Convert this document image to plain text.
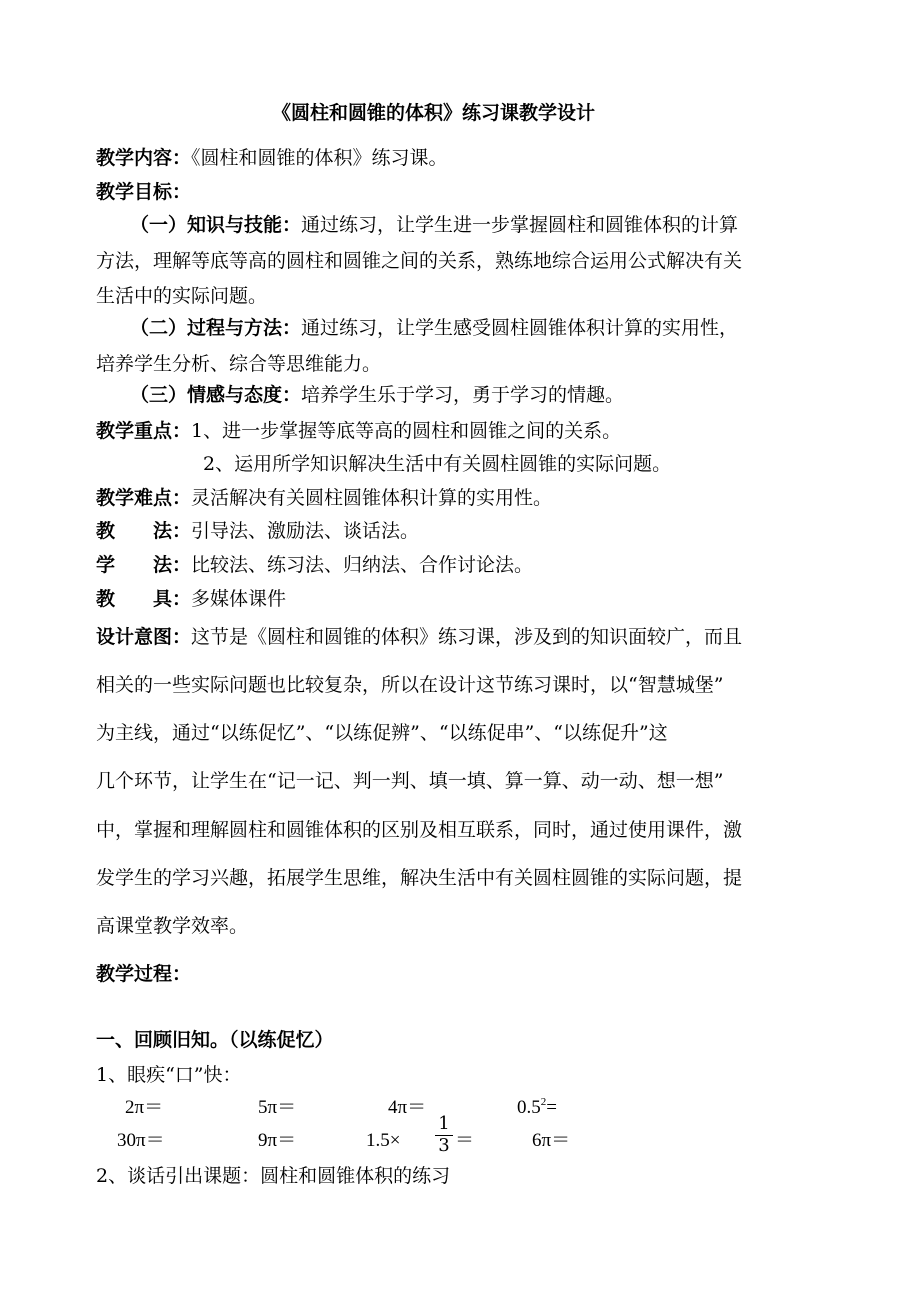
《圆柱和圆锥的体积》练习课教学设计
教学内容：《圆柱和圆锥的体积》练习课。
教学目标：
（一）知识与技能：通过练习，让学生进一步掌握圆柱和圆锥体积的计算
方法，理解等底等高的圆柱和圆锥之间的关系，熟练地综合运用公式解决有关
生活中的实际问题。
（二）过程与方法：通过练习，让学生感受圆柱圆锥体积计算的实用性，
培养学生分析、综合等思维能力。
（三）情感与态度：培养学生乐于学习，勇于学习的情趣。
教学重点：1、进一步掌握等底等高的圆柱和圆锥之间的关系。
2、运用所学知识解决生活中有关圆柱圆锥的实际问题。
教学难点：灵活解决有关圆柱圆锥体积计算的实用性。
教 法：引导法、激励法、谈话法。
学 法：比较法、练习法、归纳法、合作讨论法。
教 具：多媒体课件
设计意图：这节是《圆柱和圆锥的体积》练习课，涉及到的知识面较广，而且
相关的一些实际问题也比较复杂，所以在设计这节练习课时，以“智慧城堡”
为主线，通过“以练促忆”、“以练促辨”、“以练促串”、“以练促升”这
几个环节，让学生在“记一记、判一判、填一填、算一算、动一动、想一想”
中，掌握和理解圆柱和圆锥体积的区别及相互联系，同时，通过使用课件，激
发学生的学习兴趣，拓展学生思维，解决生活中有关圆柱圆锥的实际问题，提
高课堂教学效率。
教学过程：
一、回顾旧知。（以练促忆）
1、眼疾“口”快：
2π＝	5π＝	4π＝	$0.5^2=$
30π＝	9π＝	$1.5\times \frac{1}{3}$ ＝	6π＝
2、谈话引出课题：圆柱和圆锥体积的练习
